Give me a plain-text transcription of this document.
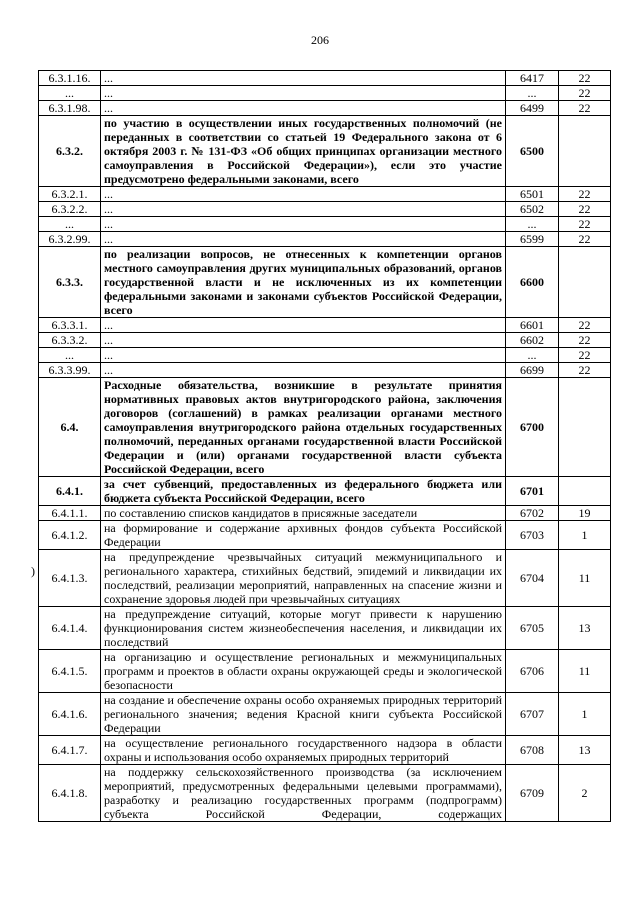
206
)
6.3.1.16.	...	6417	22
...	...	...	22
6.3.1.98.	...	6499	22
6.3.2.	по участию в осуществлении иных государственных полномочий (не переданных в соответствии со статьей 19 Федерального закона от 6 октября 2003 г. № 131-ФЗ «Об общих принципах организации местного самоуправления в Российской Федерации»), если это участие предусмотрено федеральными законами, всего	6500	
6.3.2.1.	...	6501	22
6.3.2.2.	...	6502	22
...	...	...	22
6.3.2.99.	...	6599	22
6.3.3.	по реализации вопросов, не отнесенных к компетенции органов местного самоуправления других муниципальных образований, органов государственной власти и не исключенных из их компетенции федеральными законами и законами субъектов Российской Федерации, всего	6600	
6.3.3.1.	...	6601	22
6.3.3.2.	...	6602	22
...	...	...	22
6.3.3.99.	...	6699	22
6.4.	Расходные обязательства, возникшие в результате принятия нормативных правовых актов внутригородского района, заключения договоров (соглашений) в рамках реализации органами местного самоуправления внутригородского района отдельных государственных полномочий, переданных органами государственной власти Российской Федерации и (или) органами государственной власти субъекта Российской Федерации, всего	6700	
6.4.1.	за счет субвенций, предоставленных из федерального бюджета или бюджета субъекта Российской Федерации, всего	6701	
6.4.1.1.	по составлению списков кандидатов в присяжные заседатели	6702	19
6.4.1.2.	на формирование и содержание архивных фондов субъекта Российской Федерации	6703	1
6.4.1.3.	на предупреждение чрезвычайных ситуаций межмуниципального и регионального характера, стихийных бедствий, эпидемий и ликвидации их последствий, реализации мероприятий, направленных на спасение жизни и сохранение здоровья людей при чрезвычайных ситуациях	6704	11
6.4.1.4.	на предупреждение ситуаций, которые могут привести к нарушению функционирования систем жизнеобеспечения населения, и ликвидации их последствий	6705	13
6.4.1.5.	на организацию и осуществление региональных и межмуниципальных программ и проектов в области охраны окружающей среды и экологической безопасности	6706	11
6.4.1.6.	на создание и обеспечение охраны особо охраняемых природных территорий регионального значения; ведения Красной книги субъекта Российской Федерации	6707	1
6.4.1.7.	на осуществление регионального государственного надзора в области охраны и использования особо охраняемых природных территорий	6708	13
6.4.1.8.	на поддержку сельскохозяйственного производства (за исключением мероприятий, предусмотренных федеральными целевыми программами), разработку и реализацию государственных программ (подпрограмм) субъекта Российской Федерации, содержащих	6709	2
